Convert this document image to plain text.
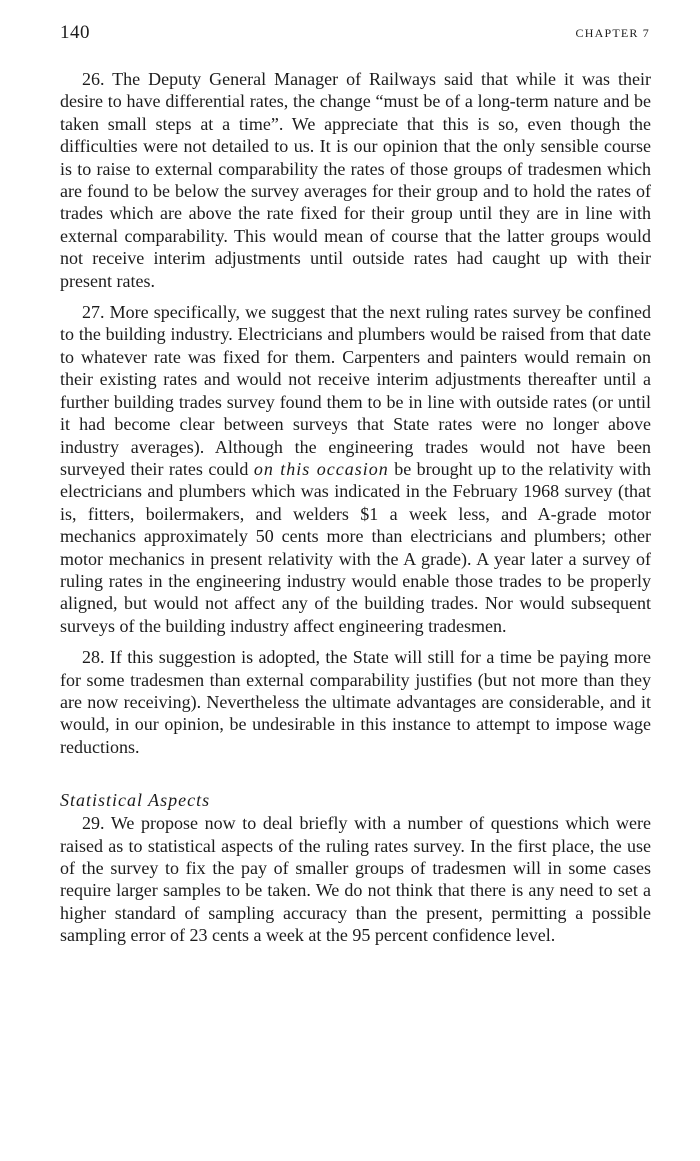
140	CHAPTER 7

26. The Deputy General Manager of Railways said that while it was their desire to have differential rates, the change “must be of a long-term nature and be taken small steps at a time”. We appreciate that this is so, even though the difficulties were not detailed to us. It is our opinion that the only sensible course is to raise to external comparability the rates of those groups of tradesmen which are found to be below the survey averages for their group and to hold the rates of trades which are above the rate fixed for their group until they are in line with external comparability. This would mean of course that the latter groups would not receive interim adjustments until outside rates had caught up with their present rates.

27. More specifically, we suggest that the next ruling rates survey be confined to the building industry. Electricians and plumbers would be raised from that date to whatever rate was fixed for them. Carpenters and painters would remain on their existing rates and would not receive interim adjustments thereafter until a further building trades survey found them to be in line with outside rates (or until it had become clear between surveys that State rates were no longer above industry averages). Although the engineering trades would not have been surveyed their rates could on this occasion be brought up to the relativity with electricians and plumbers which was indicated in the February 1968 survey (that is, fitters, boilermakers, and welders $1 a week less, and A-grade motor mechanics approximately 50 cents more than electricians and plumbers; other motor mechanics in present relativity with the A grade). A year later a survey of ruling rates in the engineering industry would enable those trades to be properly aligned, but would not affect any of the building trades. Nor would subsequent surveys of the building industry affect engineering tradesmen.

28. If this suggestion is adopted, the State will still for a time be paying more for some tradesmen than external comparability justifies (but not more than they are now receiving). Nevertheless the ultimate advantages are considerable, and it would, in our opinion, be undesirable in this instance to attempt to impose wage reductions.

Statistical Aspects

29. We propose now to deal briefly with a number of questions which were raised as to statistical aspects of the ruling rates survey. In the first place, the use of the survey to fix the pay of smaller groups of tradesmen will in some cases require larger samples to be taken. We do not think that there is any need to set a higher standard of sampling accuracy than the present, permitting a possible sampling error of 23 cents a week at the 95 percent confidence level.
